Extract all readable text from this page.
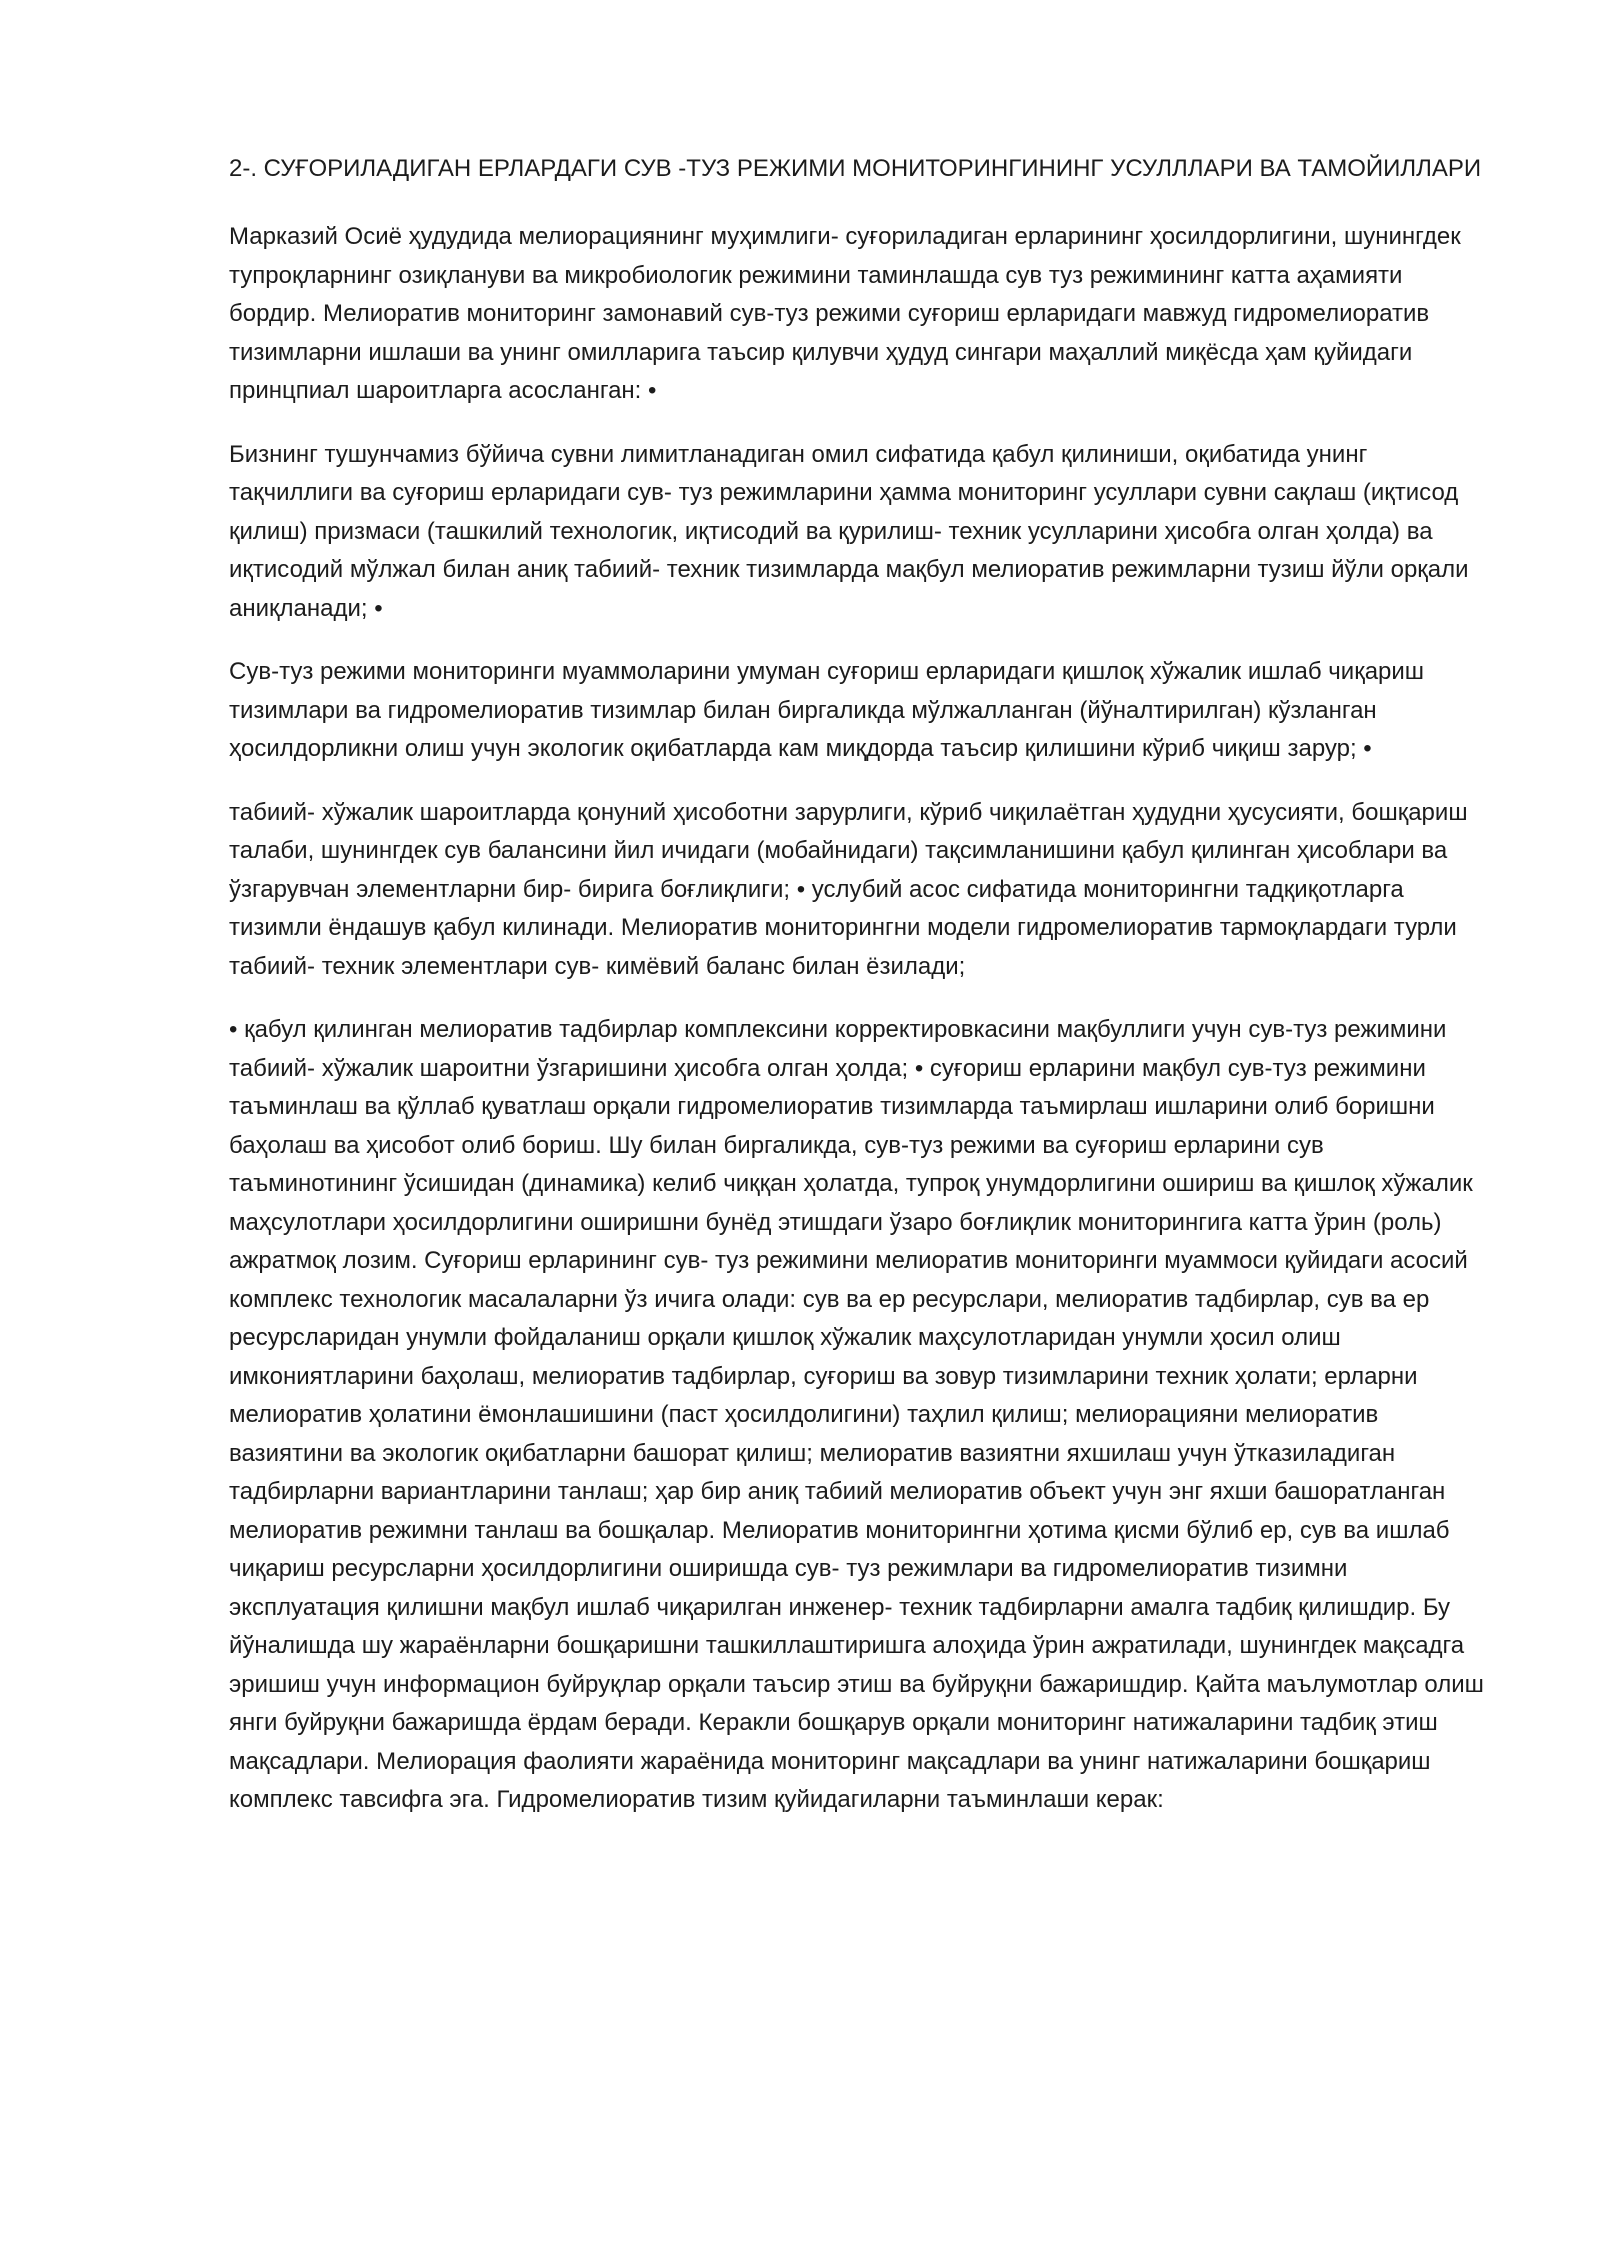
2-. СУҒОРИЛАДИГАН ЕРЛАРДАГИ СУВ -ТУЗ РЕЖИМИ МОНИТОРИНГИНИНГ УСУЛЛЛАРИ ВА ТАМОЙИЛЛАРИ

Марказий Осиё ҳудудида мелиорациянинг муҳимлиги- суғориладиган ерларининг ҳосилдорлигини, шунингдек тупроқларнинг озиқлануви ва микробиологик режимини таминлашда сув туз режимининг катта аҳамияти бордир. Мелиоратив мониторинг замонавий сув-туз режими суғориш ерларидаги мавжуд гидромелиоратив тизимларни ишлаши ва унинг омилларига таъсир қилувчи ҳудуд сингари маҳаллий миқёсда ҳам қуйидаги принцпиал шароитларга асосланган: •

Бизнинг тушунчамиз бўйича сувни лимитланадиган омил сифатида қабул қилиниши, оқибатида унинг тақчиллиги ва суғориш ерларидаги сув- туз режимларини ҳамма мониторинг усуллари сувни сақлаш (иқтисод қилиш) призмаси (ташкилий технологик, иқтисодий ва қурилиш- техник усулларини ҳисобга олган ҳолда) ва иқтисодий мўлжал билан аниқ табиий- техник тизимларда мақбул мелиоратив режимларни тузиш йўли орқали аниқланади; •

Сув-туз режими мониторинги муаммоларини умуман суғориш ерларидаги қишлоқ хўжалик ишлаб чиқариш тизимлари ва гидромелиоратив тизимлар билан биргаликда мўлжалланган (йўналтирилган) кўзланган ҳосилдорликни олиш учун экологик оқибатларда кам миқдорда таъсир қилишини кўриб чиқиш зарур; •

табиий- хўжалик шароитларда қонуний ҳисоботни зарурлиги, кўриб чиқилаётган ҳудудни ҳусусияти, бошқариш талаби, шунингдек сув балансини йил ичидаги (мобайнидаги) тақсимланишини қабул қилинган ҳисоблари ва ўзгарувчан элементларни бир- бирига боғлиқлиги; • услубий асос сифатида мониторингни тадқиқотларга тизимли ёндашув қабул килинади. Мелиоратив мониторингни модели гидромелиоратив тармоқлардаги турли табиий- техник элементлари сув- кимёвий баланс билан ёзилади;

• қабул қилинган мелиоратив тадбирлар комплексини корректировкасини мақбуллиги учун сув-туз режимини табиий- хўжалик шароитни ўзгаришини ҳисобга олган ҳолда; • суғориш ерларини мақбул сув-туз режимини таъминлаш ва қўллаб қуватлаш орқали гидромелиоратив тизимларда таъмирлаш ишларини олиб боришни баҳолаш ва ҳисобот олиб бориш. Шу билан биргаликда, сув-туз режими ва суғориш ерларини сув таъминотининг ўсишидан (динамика) келиб чиққан ҳолатда, тупроқ унумдорлигини ошириш ва қишлоқ хўжалик маҳсулотлари ҳосилдорлигини оширишни бунёд этишдаги ўзаро боғлиқлик мониторингига катта ўрин (роль) ажратмоқ лозим. Суғориш ерларининг сув- туз режимини мелиоратив мониторинги муаммоси қуйидаги асосий комплекс технологик масалаларни ўз ичига олади: сув ва ер ресурслари, мелиоратив тадбирлар, сув ва ер ресурсларидан унумли фойдаланиш орқали қишлоқ хўжалик маҳсулотларидан унумли ҳосил олиш имкониятларини баҳолаш, мелиоратив тадбирлар, суғориш ва зовур тизимларини техник ҳолати; ерларни мелиоратив ҳолатини ёмонлашишини (паст ҳосилдолигини) таҳлил қилиш; мелиорацияни мелиоратив вазиятини ва экологик оқибатларни башорат қилиш; мелиоратив вазиятни яхшилаш учун ўтказиладиган тадбирларни вариантларини танлаш; ҳар бир аниқ табиий мелиоратив объект учун энг яхши башоратланган мелиоратив режимни танлаш ва бошқалар. Мелиоратив мониторингни ҳотима қисми бўлиб ер, сув ва ишлаб чиқариш ресурсларни ҳосилдорлигини оширишда сув- туз режимлари ва гидромелиоратив тизимни эксплуатация қилишни мақбул ишлаб чиқарилган инженер- техник тадбирларни амалга тадбиқ қилишдир. Бу йўналишда шу жараёнларни бошқаришни ташкиллаштиришга алоҳида ўрин ажратилади, шунингдек мақсадга эришиш учун информацион буйруқлар орқали таъсир этиш ва буйруқни бажаришдир. Қайта маълумотлар олиш янги буйруқни бажаришда ёрдам беради. Керакли бошқарув орқали мониторинг натижаларини тадбиқ этиш мақсадлари. Мелиорация фаолияти жараёнида мониторинг мақсадлари ва унинг натижаларини бошқариш комплекс тавсифга эга. Гидромелиоратив тизим қуйидагиларни таъминлаши керак:
